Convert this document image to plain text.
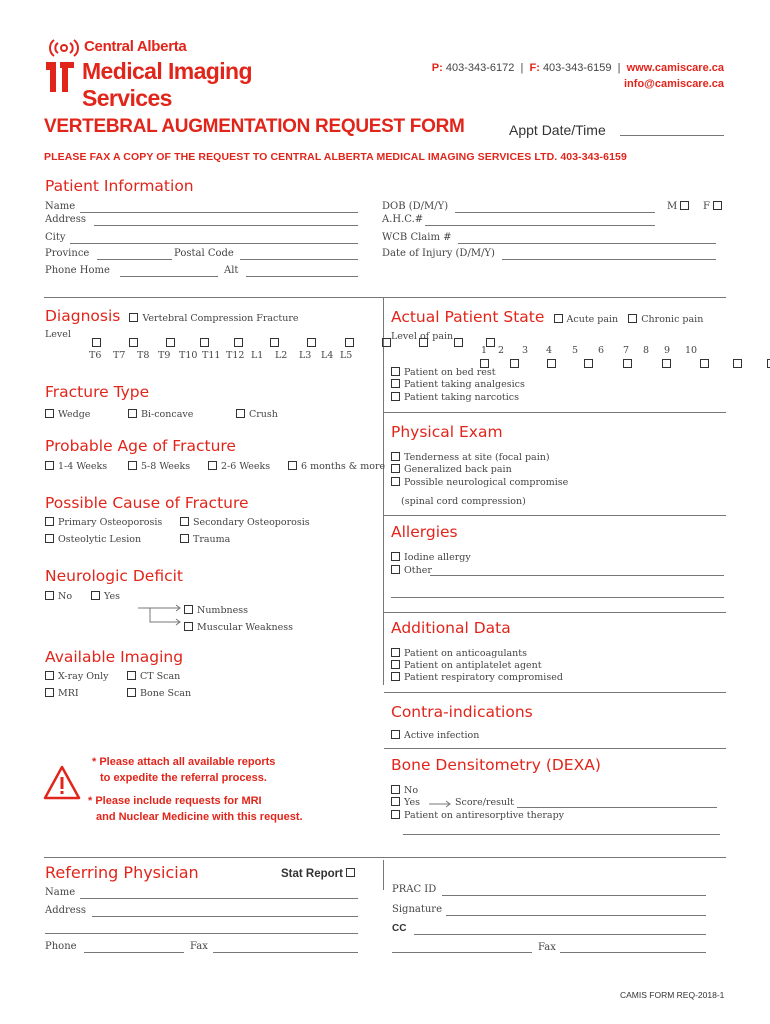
Central Alberta
Medical Imaging Services
P: 403-343-6172 | F: 403-343-6159 | www.camiscare.ca
info@camiscare.ca
VERTEBRAL AUGMENTATION REQUEST FORM	Appt Date/Time
PLEASE FAX A COPY OF THE REQUEST TO CENTRAL ALBERTA MEDICAL IMAGING SERVICES LTD. 403-343-6159
Patient Information
Name
Address
City
Province	Postal Code
Phone Home	Alt
DOB (D/M/Y)	M	F
A.H.C.#
WCB Claim #
Date of Injury (D/M/Y)
Diagnosis Vertebral Compression Fracture
Level
T6 T7 T8 T9 T10 T11 T12 L1 L2 L3 L4 L5
Fracture Type
Wedge	Bi-concave	Crush
Probable Age of Fracture
1-4 Weeks	5-8 Weeks	2-6 Weeks	6 months & more
Possible Cause of Fracture
Primary Osteoporosis	Secondary Osteoporosis
Osteolytic Lesion	Trauma
Neurologic Deficit
No	Yes
Numbness
Muscular Weakness
Available Imaging
X-ray Only	CT Scan
MRI	Bone Scan
* Please attach all available reports
to expedite the referral process.
* Please include requests for MRI
and Nuclear Medicine with this request.
Actual Patient State Acute pain Chronic pain
Level of pain
1 2 3 4 5 6 7 8 9 10
Patient on bed rest
Patient taking analgesics
Patient taking narcotics
Physical Exam
Tenderness at site (focal pain)
Generalized back pain
Possible neurological compromise
(spinal cord compression)
Allergies
Iodine allergy
Other
Additional Data
Patient on anticoagulants
Patient on antiplatelet agent
Patient respiratory compromised
Contra-indications
Active infection
Bone Densitometry (DEXA)
No
Yes	Score/result
Patient on antiresorptive therapy
Referring Physician	Stat Report
Name
Address
Phone	Fax
PRAC ID
Signature
CC
Fax
CAMIS FORM REQ-2018-1
